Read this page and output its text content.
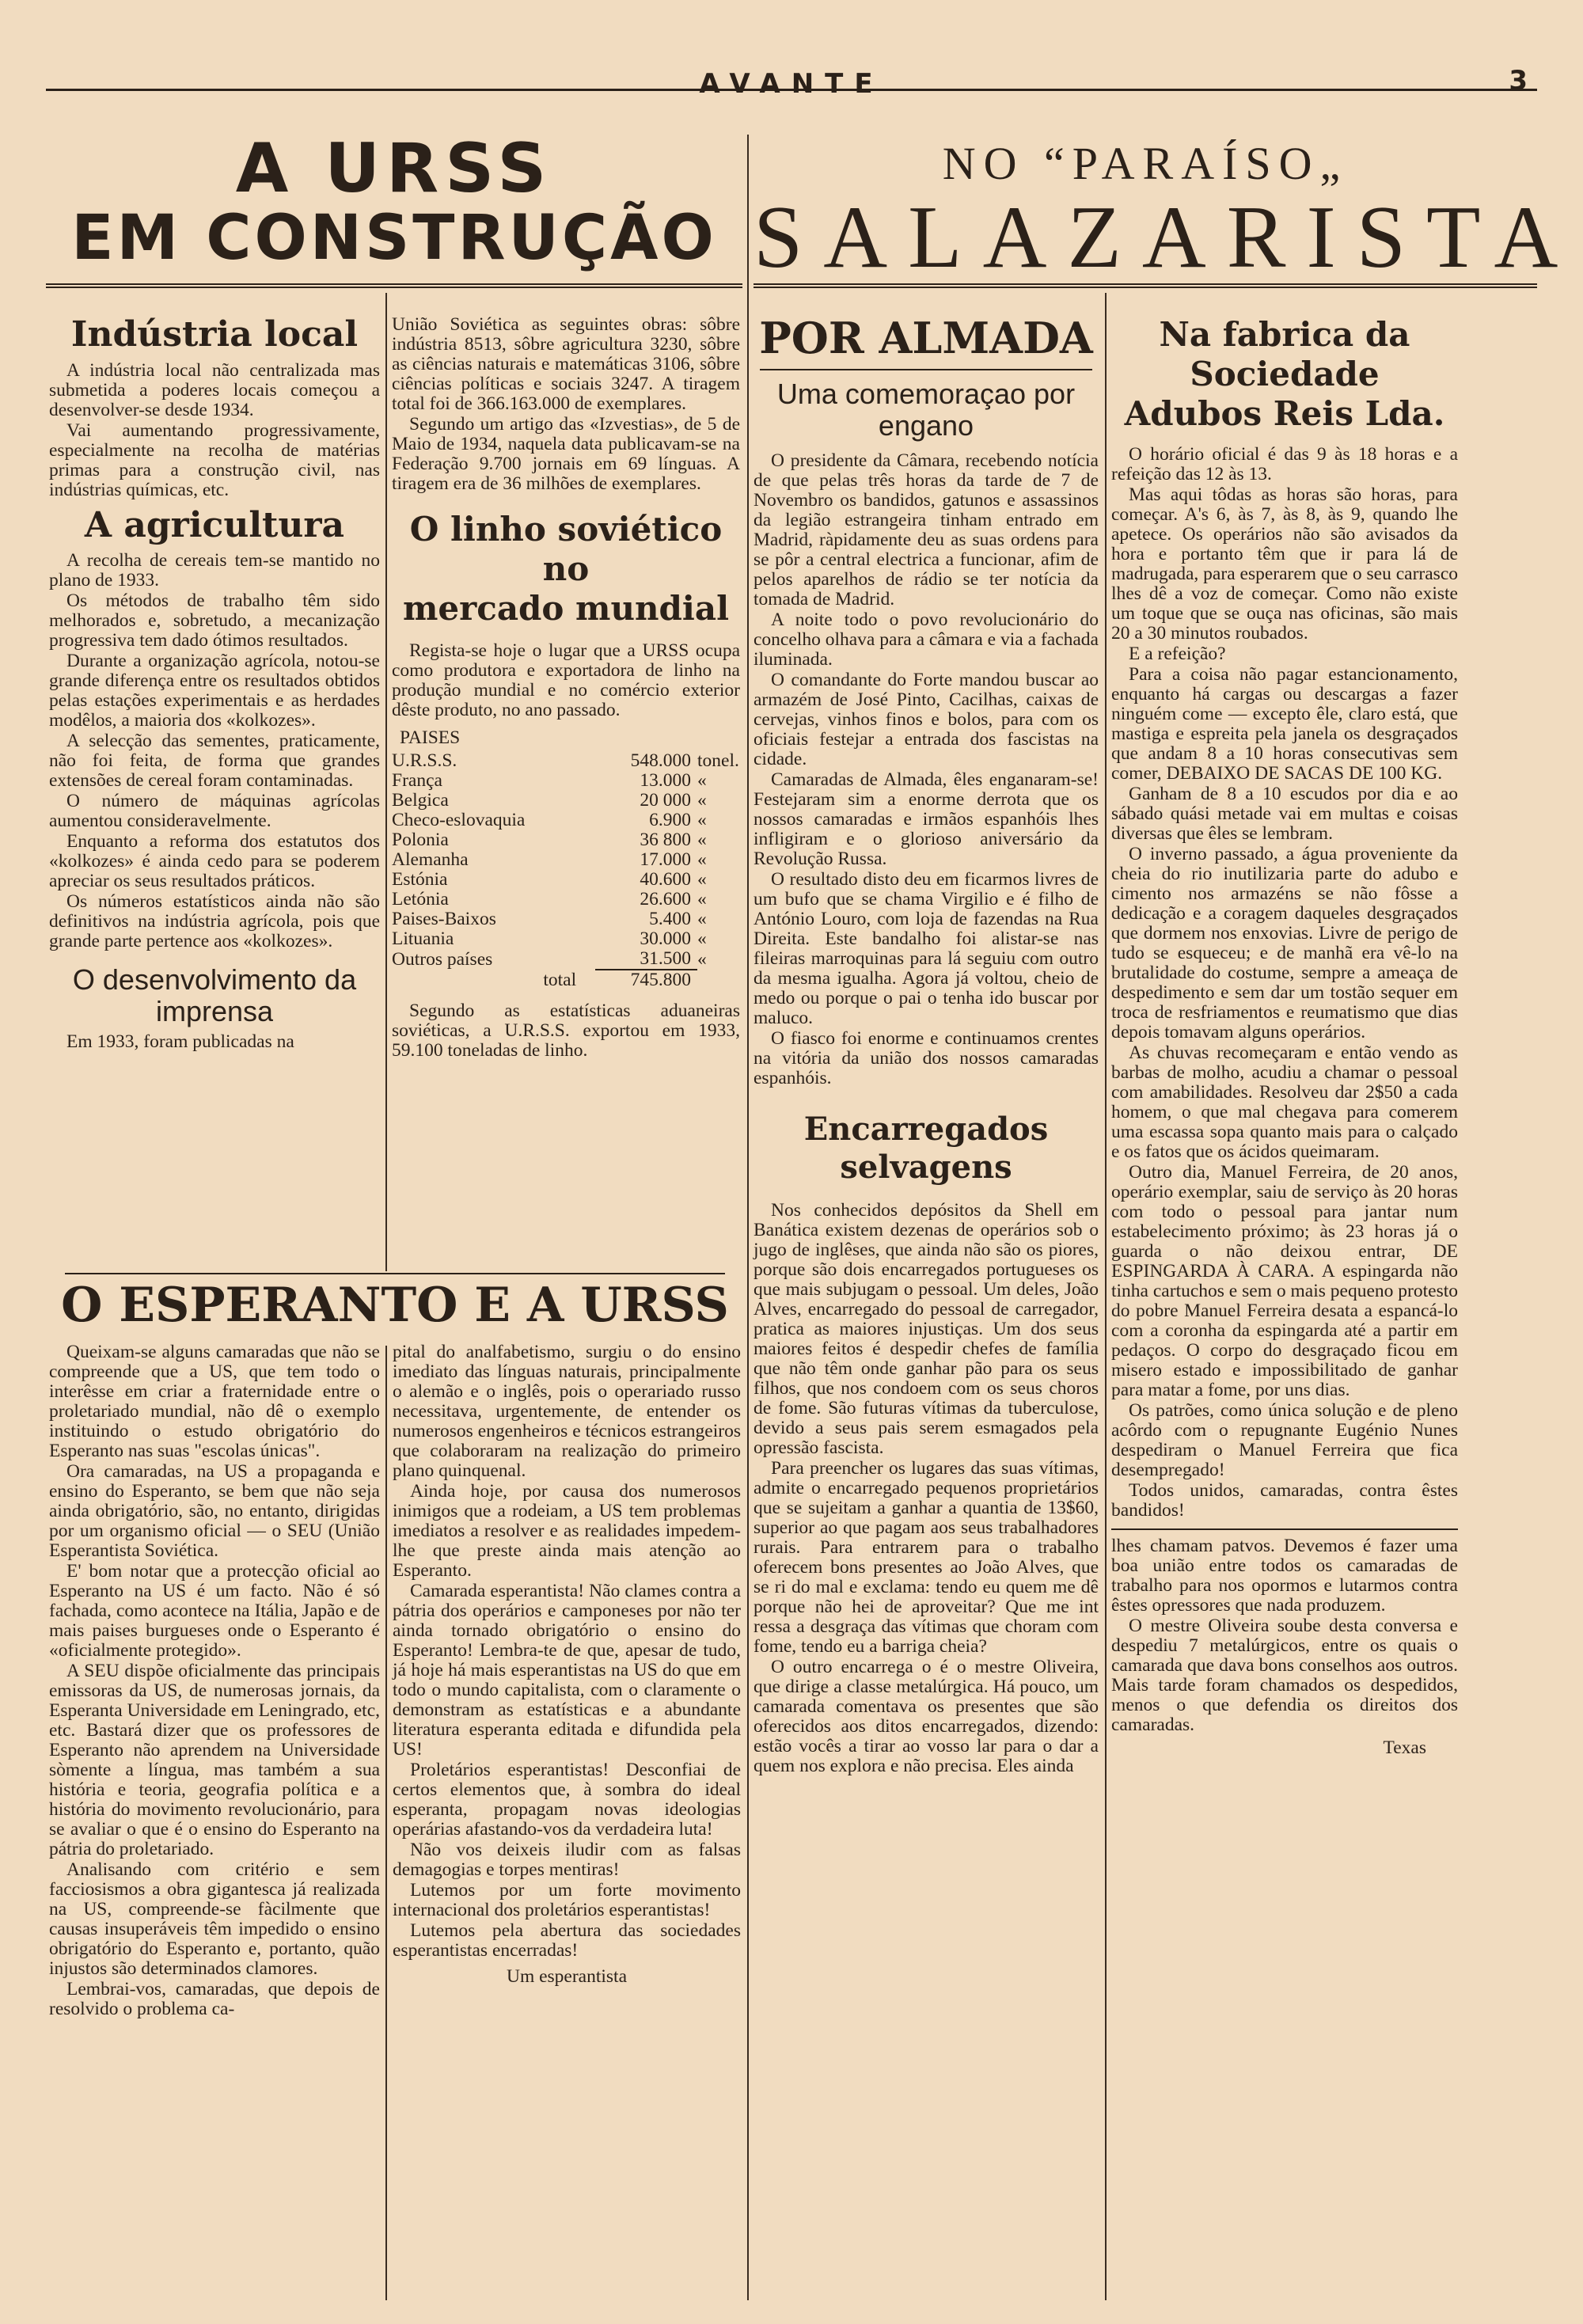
AVANTE	3
A URSS
EM CONSTRUÇÃO
NO “PARAÍSO„
SALAZARISTA
Indústria local

A indústria local não centralizada mas submetida a poderes locais começou a desenvolver-se desde 1934.

Vai aumentando progressivamente, especialmente na recolha de matérias primas para a construção civil, nas indústrias químicas, etc.

A agricultura

A recolha de cereais tem-se mantido no plano de 1933.

Os métodos de trabalho têm sido melhorados e, sobretudo, a mecanização progressiva tem dado ótimos resultados.

Durante a organização agrícola, notou-se grande diferença entre os resultados obtidos pelas estações experimentais e as herdades modêlos, a maioria dos «kolkozes».

A selecção das sementes, praticamente, não foi feita, de forma que grandes extensões de cereal foram contaminadas.

O número de máquinas agrícolas aumentou consideravelmente.

Enquanto a reforma dos estatutos dos «kolkozes» é ainda cedo para se poderem apreciar os seus resultados práticos.

Os números estatísticos ainda não são definitivos na indústria agrícola, pois que grande parte pertence aos «kolkozes».

O desenvolvimento da imprensa

Em 1933, foram publicadas na

União Soviética as seguintes obras: sôbre indústria 8513, sôbre agricultura 3230, sôbre as ciências naturais e matemáticas 3106, sôbre ciências políticas e sociais 3247. A tiragem total foi de 366.163.000 de exemplares.

Segundo um artigo das «Izvestias», de 5 de Maio de 1934, naquela data publicavam-se na Federação 9.700 jornais em 69 línguas. A tiragem era de 36 milhões de exemplares.

O linho soviético no
mercado mundial

Regista-se hoje o lugar que a URSS ocupa como produtora e exportadora de linho na produção mundial e no comércio exterior dêste produto, no ano passado.

PAISES
U.R.S.S.	548.000	tonel.
França	13.000	«
Belgica	20 000	«
Checo-eslovaquia	6.900	«
Polonia	36 800	«
Alemanha	17.000	«
Estónia	40.600	«
Letónia	26.600	«
Paises-Baixos	5.400	«
Lituania	30.000	«
Outros países	31.500	«
total	745.800	

Segundo as estatísticas aduaneiras soviéticas, a U.R.S.S. exportou em 1933, 59.100 toneladas de linho.

O ESPERANTO E A URSS

Queixam-se alguns camaradas que não se compreende que a US, que tem todo o interêsse em criar a fraternidade entre o proletariado mundial, não dê o exemplo instituindo o estudo obrigatório do Esperanto nas suas "escolas únicas".

Ora camaradas, na US a propaganda e ensino do Esperanto, se bem que não seja ainda obrigatório, são, no entanto, dirigidas por um organismo oficial — o SEU (União Esperantista Soviética.

E' bom notar que a protecção oficial ao Esperanto na US é um facto. Não é só fachada, como acontece na Itália, Japão e de mais paises burgueses onde o Esperanto é «oficialmente protegido».

A SEU dispõe oficialmente das principais emissoras da US, de numerosas jornais, da Esperanta Universidade em Leningrado, etc, etc. Bastará dizer que os professores de Esperanto não aprendem na Universidade sòmente a língua, mas também a sua história e teoria, geografia política e a história do movimento revolucionário, para se avaliar o que é o ensino do Esperanto na pátria do proletariado.

Analisando com critério e sem facciosismos a obra gigantesca já realizada na US, compreende-se fàcilmente que causas insuperáveis têm impedido o ensino obrigatório do Esperanto e, portanto, quão injustos são determinados clamores.

Lembrai-vos, camaradas, que depois de resolvido o problema ca-

pital do analfabetismo, surgiu o do ensino imediato das línguas naturais, principalmente o alemão e o inglês, pois o operariado russo necessitava, urgentemente, de entender os numerosos engenheiros e técnicos estrangeiros que colaboraram na realização do primeiro plano quinquenal.

Ainda hoje, por causa dos numerosos inimigos que a rodeiam, a US tem problemas imediatos a resolver e as realidades impedem-lhe que preste ainda mais atenção ao Esperanto.

Camarada esperantista! Não clames contra a pátria dos operários e camponeses por não ter ainda tornado obrigatório o ensino do Esperanto! Lembra-te de que, apesar de tudo, já hoje há mais esperantistas na US do que em todo o mundo capitalista, com o claramente o demonstram as estatísticas e a abundante literatura esperanta editada e difundida pela US!

Proletários esperantistas! Desconfiai de certos elementos que, à sombra do ideal esperanta, propagam novas ideologias operárias afastando-vos da verdadeira luta!

Não vos deixeis iludir com as falsas demagogias e torpes mentiras!

Lutemos por um forte movimento internacional dos proletários esperantistas!

Lutemos pela abertura das sociedades esperantistas encerradas!

Um esperantista
POR ALMADA
Uma comemoraçao por engano

O presidente da Câmara, recebendo notícia de que pelas três horas da tarde de 7 de Novembro os bandidos, gatunos e assassinos da legião estrangeira tinham entrado em Madrid, ràpidamente deu as suas ordens para se pôr a central electrica a funcionar, afim de pelos aparelhos de rádio se ter notícia da tomada de Madrid.

A noite todo o povo revolucionário do concelho olhava para a câmara e via a fachada iluminada.

O comandante do Forte mandou buscar ao armazém de José Pinto, Cacilhas, caixas de cervejas, vinhos finos e bolos, para com os oficiais festejar a entrada dos fascistas na cidade.

Camaradas de Almada, êles enganaram-se! Festejaram sim a enorme derrota que os nossos camaradas e irmãos espanhóis lhes infligiram e o glorioso aniversário da Revolução Russa.

O resultado disto deu em ficarmos livres de um bufo que se chama Virgilio e é filho de António Louro, com loja de fazendas na Rua Direita. Este bandalho foi alistar-se nas fileiras marroquinas para lá seguiu com outro da mesma igualha. Agora já voltou, cheio de medo ou porque o pai o tenha ido buscar por maluco.

O fiasco foi enorme e continuamos crentes na vitória da união dos nossos camaradas espanhóis.

Encarregados selvagens

Nos conhecidos depósitos da Shell em Banática existem dezenas de operários sob o jugo de inglêses, que ainda não são os piores, porque são dois encarregados portugueses os que mais subjugam o pessoal. Um deles, João Alves, encarregado do pessoal de carregador, pratica as maiores injustiças. Um dos seus maiores feitos é despedir chefes de família que não têm onde ganhar pão para os seus filhos, que nos condoem com os seus choros de fome. São futuras vítimas da tuberculose, devido a seus pais serem esmagados pela opressão fascista.

Para preencher os lugares das suas vítimas, admite o encarregado pequenos proprietários que se sujeitam a ganhar a quantia de 13$60, superior ao que pagam aos seus trabalhadores rurais. Para entrarem para o trabalho oferecem bons presentes ao João Alves, que se ri do mal e exclama: tendo eu quem me dê porque não hei de aproveitar? Que me int ressa a desgraça das vítimas que choram com fome, tendo eu a barriga cheia?

O outro encarrega o é o mestre Oliveira, que dirige a classe metalúrgica. Há pouco, um camarada comentava os presentes que são oferecidos aos ditos encarregados, dizendo: estão vocês a tirar ao vosso lar para o dar a quem nos explora e não precisa. Eles ainda

Na fabrica da Sociedade
Adubos Reis Lda.

O horário oficial é das 9 às 18 horas e a refeição das 12 às 13.

Mas aqui tôdas as horas são horas, para começar. A's 6, às 7, às 8, às 9, quando lhe apetece. Os operários não são avisados da hora e portanto têm que ir para lá de madrugada, para esperarem que o seu carrasco lhes dê a voz de começar. Como não existe um toque que se ouça nas oficinas, são mais 20 a 30 minutos roubados.

E a refeição?

Para a coisa não pagar estancionamento, enquanto há cargas ou descargas a fazer ninguém come — excepto êle, claro está, que mastiga e espreita pela janela os desgraçados que andam 8 a 10 horas consecutivas sem comer, DEBAIXO DE SACAS DE 100 KG.

Ganham de 8 a 10 escudos por dia e ao sábado quási metade vai em multas e coisas diversas que êles se lembram.

O inverno passado, a água proveniente da cheia do rio inutilizaria parte do adubo e cimento nos armazéns se não fôsse a dedicação e a coragem daqueles desgraçados que dormem nos enxovias. Livre de perigo de tudo se esqueceu; e de manhã era vê-lo na brutalidade do costume, sempre a ameaça de despedimento e sem dar um tostão sequer em troca de resfriamentos e reumatismo que dias depois tomavam alguns operários.

As chuvas recomeçaram e então vendo as barbas de molho, acudiu a chamar o pessoal com amabilidades. Resolveu dar 2$50 a cada homem, o que mal chegava para comerem uma escassa sopa quanto mais para o calçado e os fatos que os ácidos queimaram.

Outro dia, Manuel Ferreira, de 20 anos, operário exemplar, saiu de serviço às 20 horas com todo o pessoal para jantar num estabelecimento próximo; às 23 horas já o guarda o não deixou entrar, DE ESPINGARDA À CARA. A espingarda não tinha cartuchos e sem o mais pequeno protesto do pobre Manuel Ferreira desata a espancá-lo com a coronha da espingarda até a partir em pedaços. O corpo do desgraçado ficou em misero estado e impossibilitado de ganhar para matar a fome, por uns dias.

Os patrões, como única solução e de pleno acôrdo com o repugnante Eugénio Nunes despediram o Manuel Ferreira que fica desempregado!

Todos unidos, camaradas, contra êstes bandidos!

lhes chamam patvos. Devemos é fazer uma boa união entre todos os camaradas de trabalho para nos opormos e lutarmos contra êstes opressores que nada produzem.

O mestre Oliveira soube desta conversa e despediu 7 metalúrgicos, entre os quais o camarada que dava bons conselhos aos outros. Mais tarde foram chamados os despedidos, menos o que defendia os direitos dos camaradas.

Texas
